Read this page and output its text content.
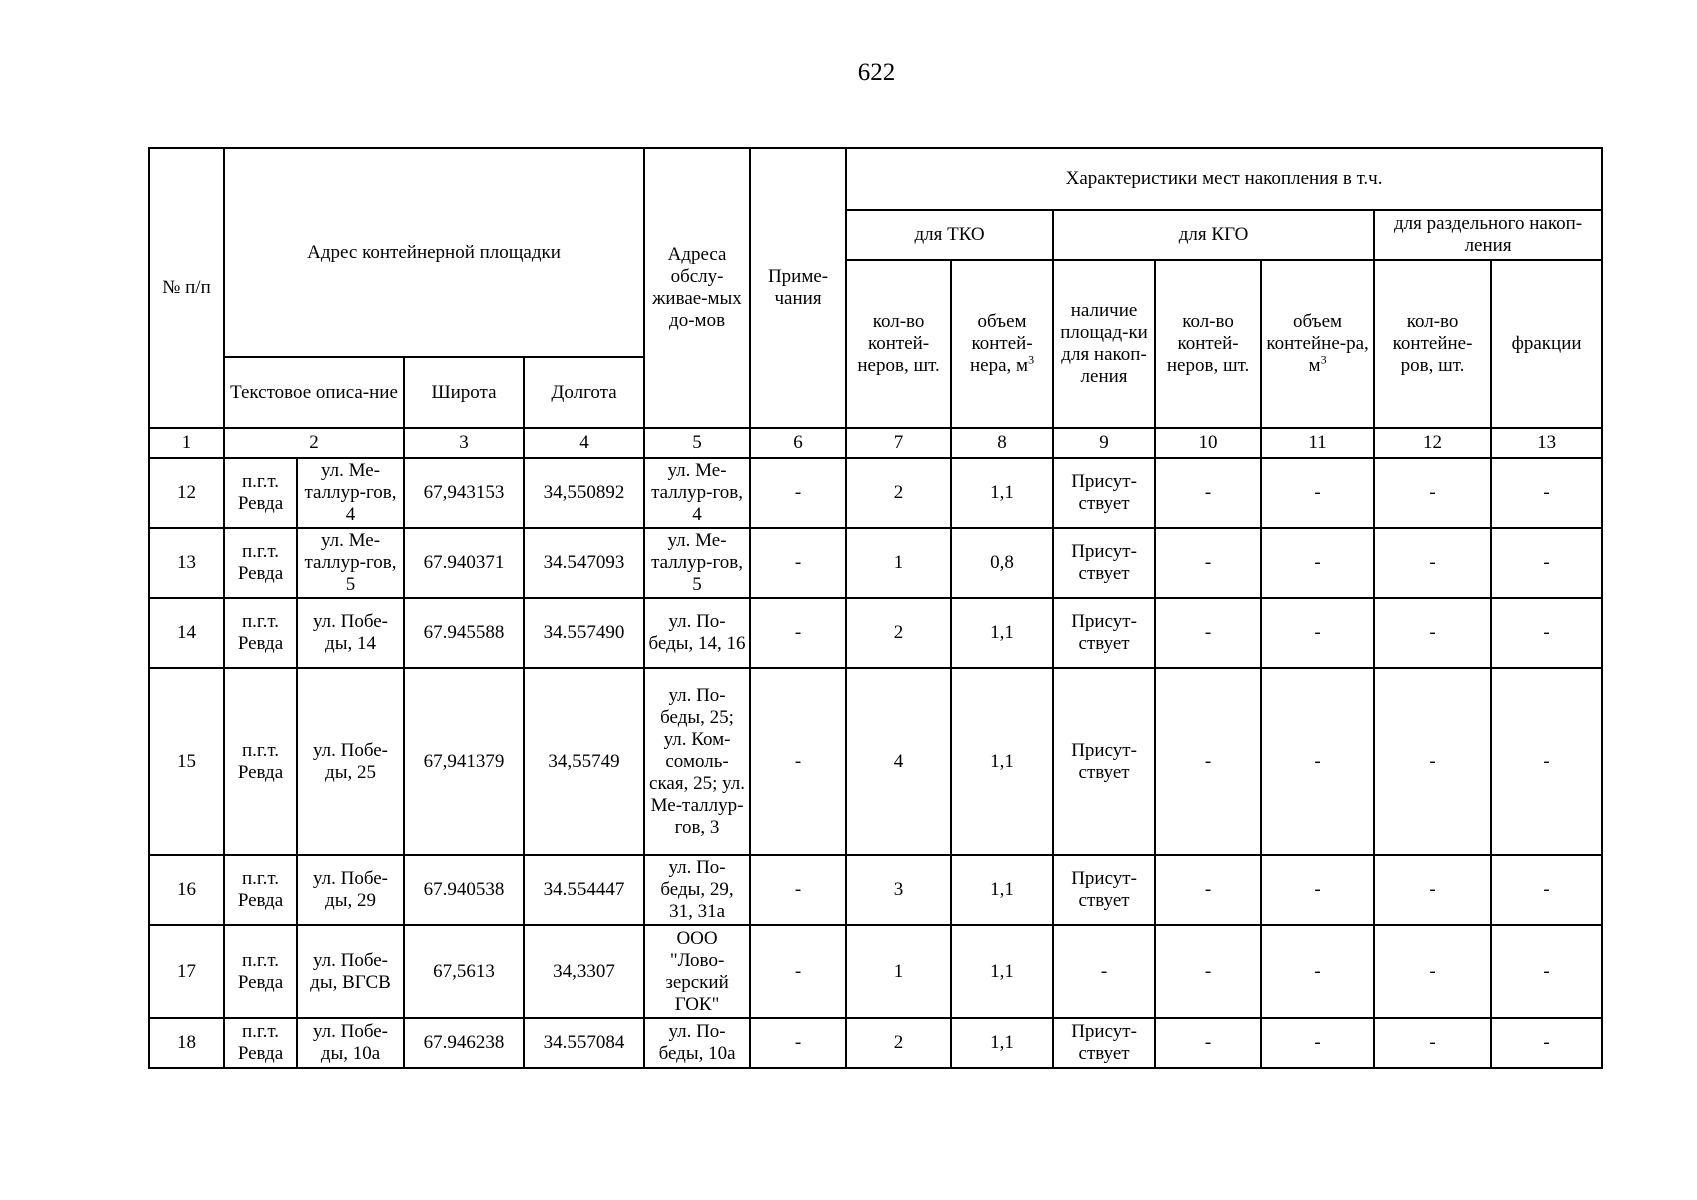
622
№ п/п	Адрес контейнерной площадки				Адреса обслу-живае-мых до-мов	Приме-чания	Характеристики мест накопления в т.ч.						
							для ТКО		для КГО			для раздельного накоп-ления	
							кол-во контей-неров, шт.	объем контей-нера, $м^3$	наличие площад-ки для накоп-ления	кол-во контей-неров, шт.	объем контейне-ра, $м^3$	кол-во контейне-ров, шт.	фракции
	Текстовое описа-ние		Широта	Долгота									
1	2		3	4	5	6	7	8	9	10	11	12	13
12	п.г.т. Ревда	ул. Ме-таллур-гов, 4	67,943153	34,550892	ул. Ме-таллур-гов, 4	-	2	1,1	Присут-ствует	-	-	-	-
13	п.г.т. Ревда	ул. Ме-таллур-гов, 5	67.940371	34.547093	ул. Ме-таллур-гов, 5	-	1	0,8	Присут-ствует	-	-	-	-
14	п.г.т. Ревда	ул. Побе-ды, 14	67.945588	34.557490	ул. По-беды, 14, 16	-	2	1,1	Присут-ствует	-	-	-	-
15	п.г.т. Ревда	ул. Побе-ды, 25	67,941379	34,55749	ул. По-беды, 25; ул. Ком-сомоль-ская, 25; ул. Ме-таллур-гов, 3	-	4	1,1	Присут-ствует	-	-	-	-
16	п.г.т. Ревда	ул. Побе-ды, 29	67.940538	34.554447	ул. По-беды, 29, 31, 31а	-	3	1,1	Присут-ствует	-	-	-	-
17	п.г.т. Ревда	ул. Побе-ды, ВГСВ	67,5613	34,3307	ООО "Ловo-зерский ГОК"	-	1	1,1	-	-	-	-	-
18	п.г.т. Ревда	ул. Побе-ды, 10а	67.946238	34.557084	ул. По-беды, 10а	-	2	1,1	Присут-ствует	-	-	-	-
